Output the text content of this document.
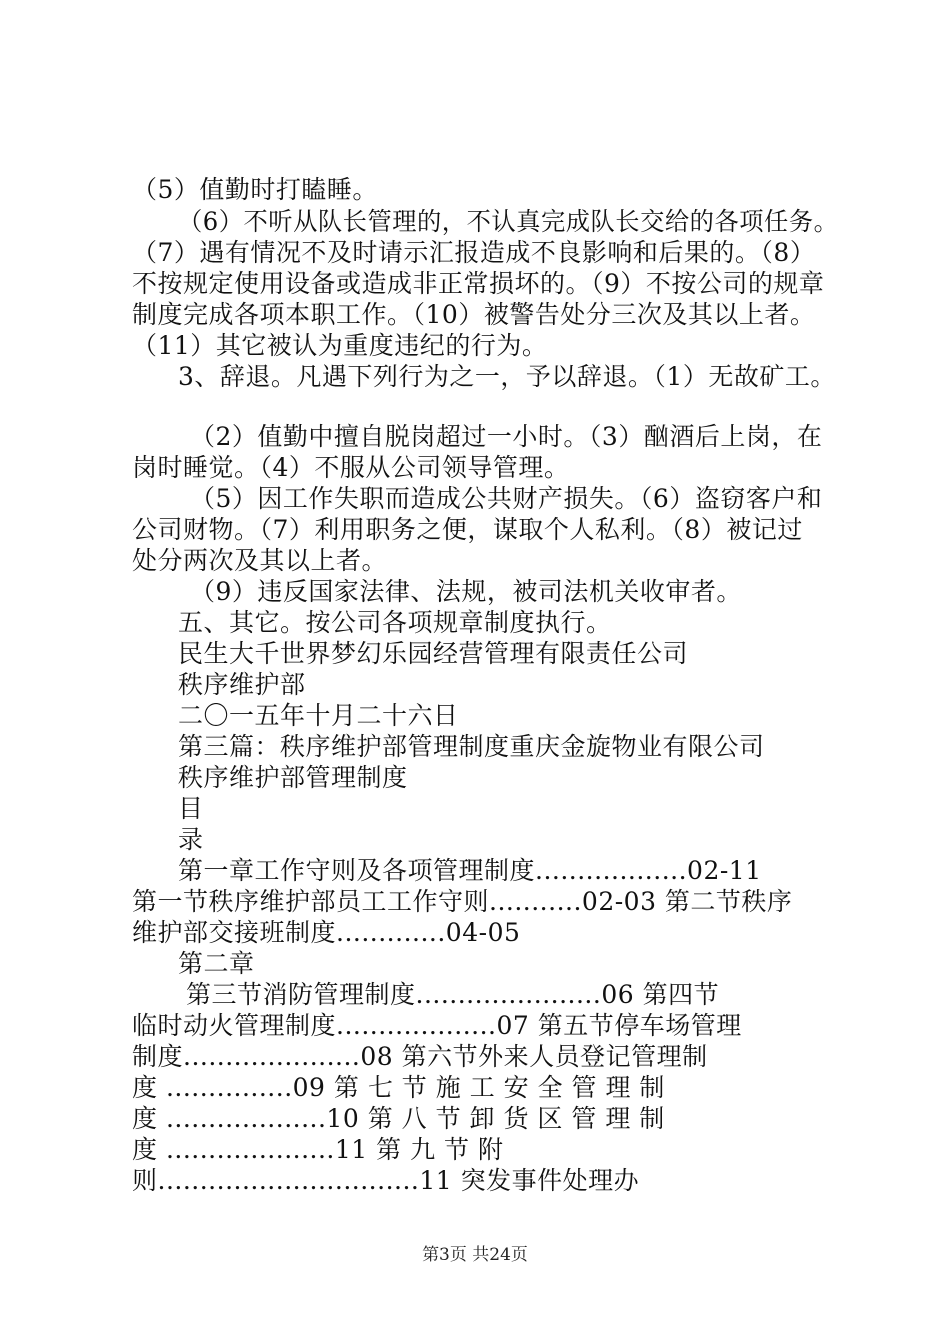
（5）值勤时打瞌睡。
（6）不听从队长管理的，不认真完成队长交给的各项任务。
（7）遇有情况不及时请示汇报造成不良影响和后果的。（8）
不按规定使用设备或造成非正常损坏的。（9）不按公司的规章
制度完成各项本职工作。（10）被警告处分三次及其以上者。
（11）其它被认为重度违纪的行为。
3、辞退。凡遇下列行为之一，予以辞退。（1）无故矿工。
（2）值勤中擅自脱岗超过一小时。（3）酗酒后上岗，在
岗时睡觉。（4）不服从公司领导管理。
（5）因工作失职而造成公共财产损失。（6）盗窃客户和
公司财物。（7）利用职务之便，谋取个人私利。（8）被记过
处分两次及其以上者。
（9）违反国家法律、法规，被司法机关收审者。
五、其它。按公司各项规章制度执行。
民生大千世界梦幻乐园经营管理有限责任公司
秩序维护部
二〇一五年十月二十六日
第三篇：秩序维护部管理制度重庆金旋物业有限公司
秩序维护部管理制度
目
录
第一章工作守则及各项管理制度..................02-11
第一节秩序维护部员工工作守则...........02-03 第二节秩序
维护部交接班制度.............04-05
第二章
第三节消防管理制度......................06 第四节
临时动火管理制度...................07 第五节停车场管理
制度.....................08 第六节外来人员登记管理制
度 ...............09 第 七 节 施 工 安 全 管 理 制
度 ...................10 第 八 节 卸 货 区 管 理 制
度 ....................11 第 九 节 附
则...............................11 突发事件处理办
第3页 共24页
